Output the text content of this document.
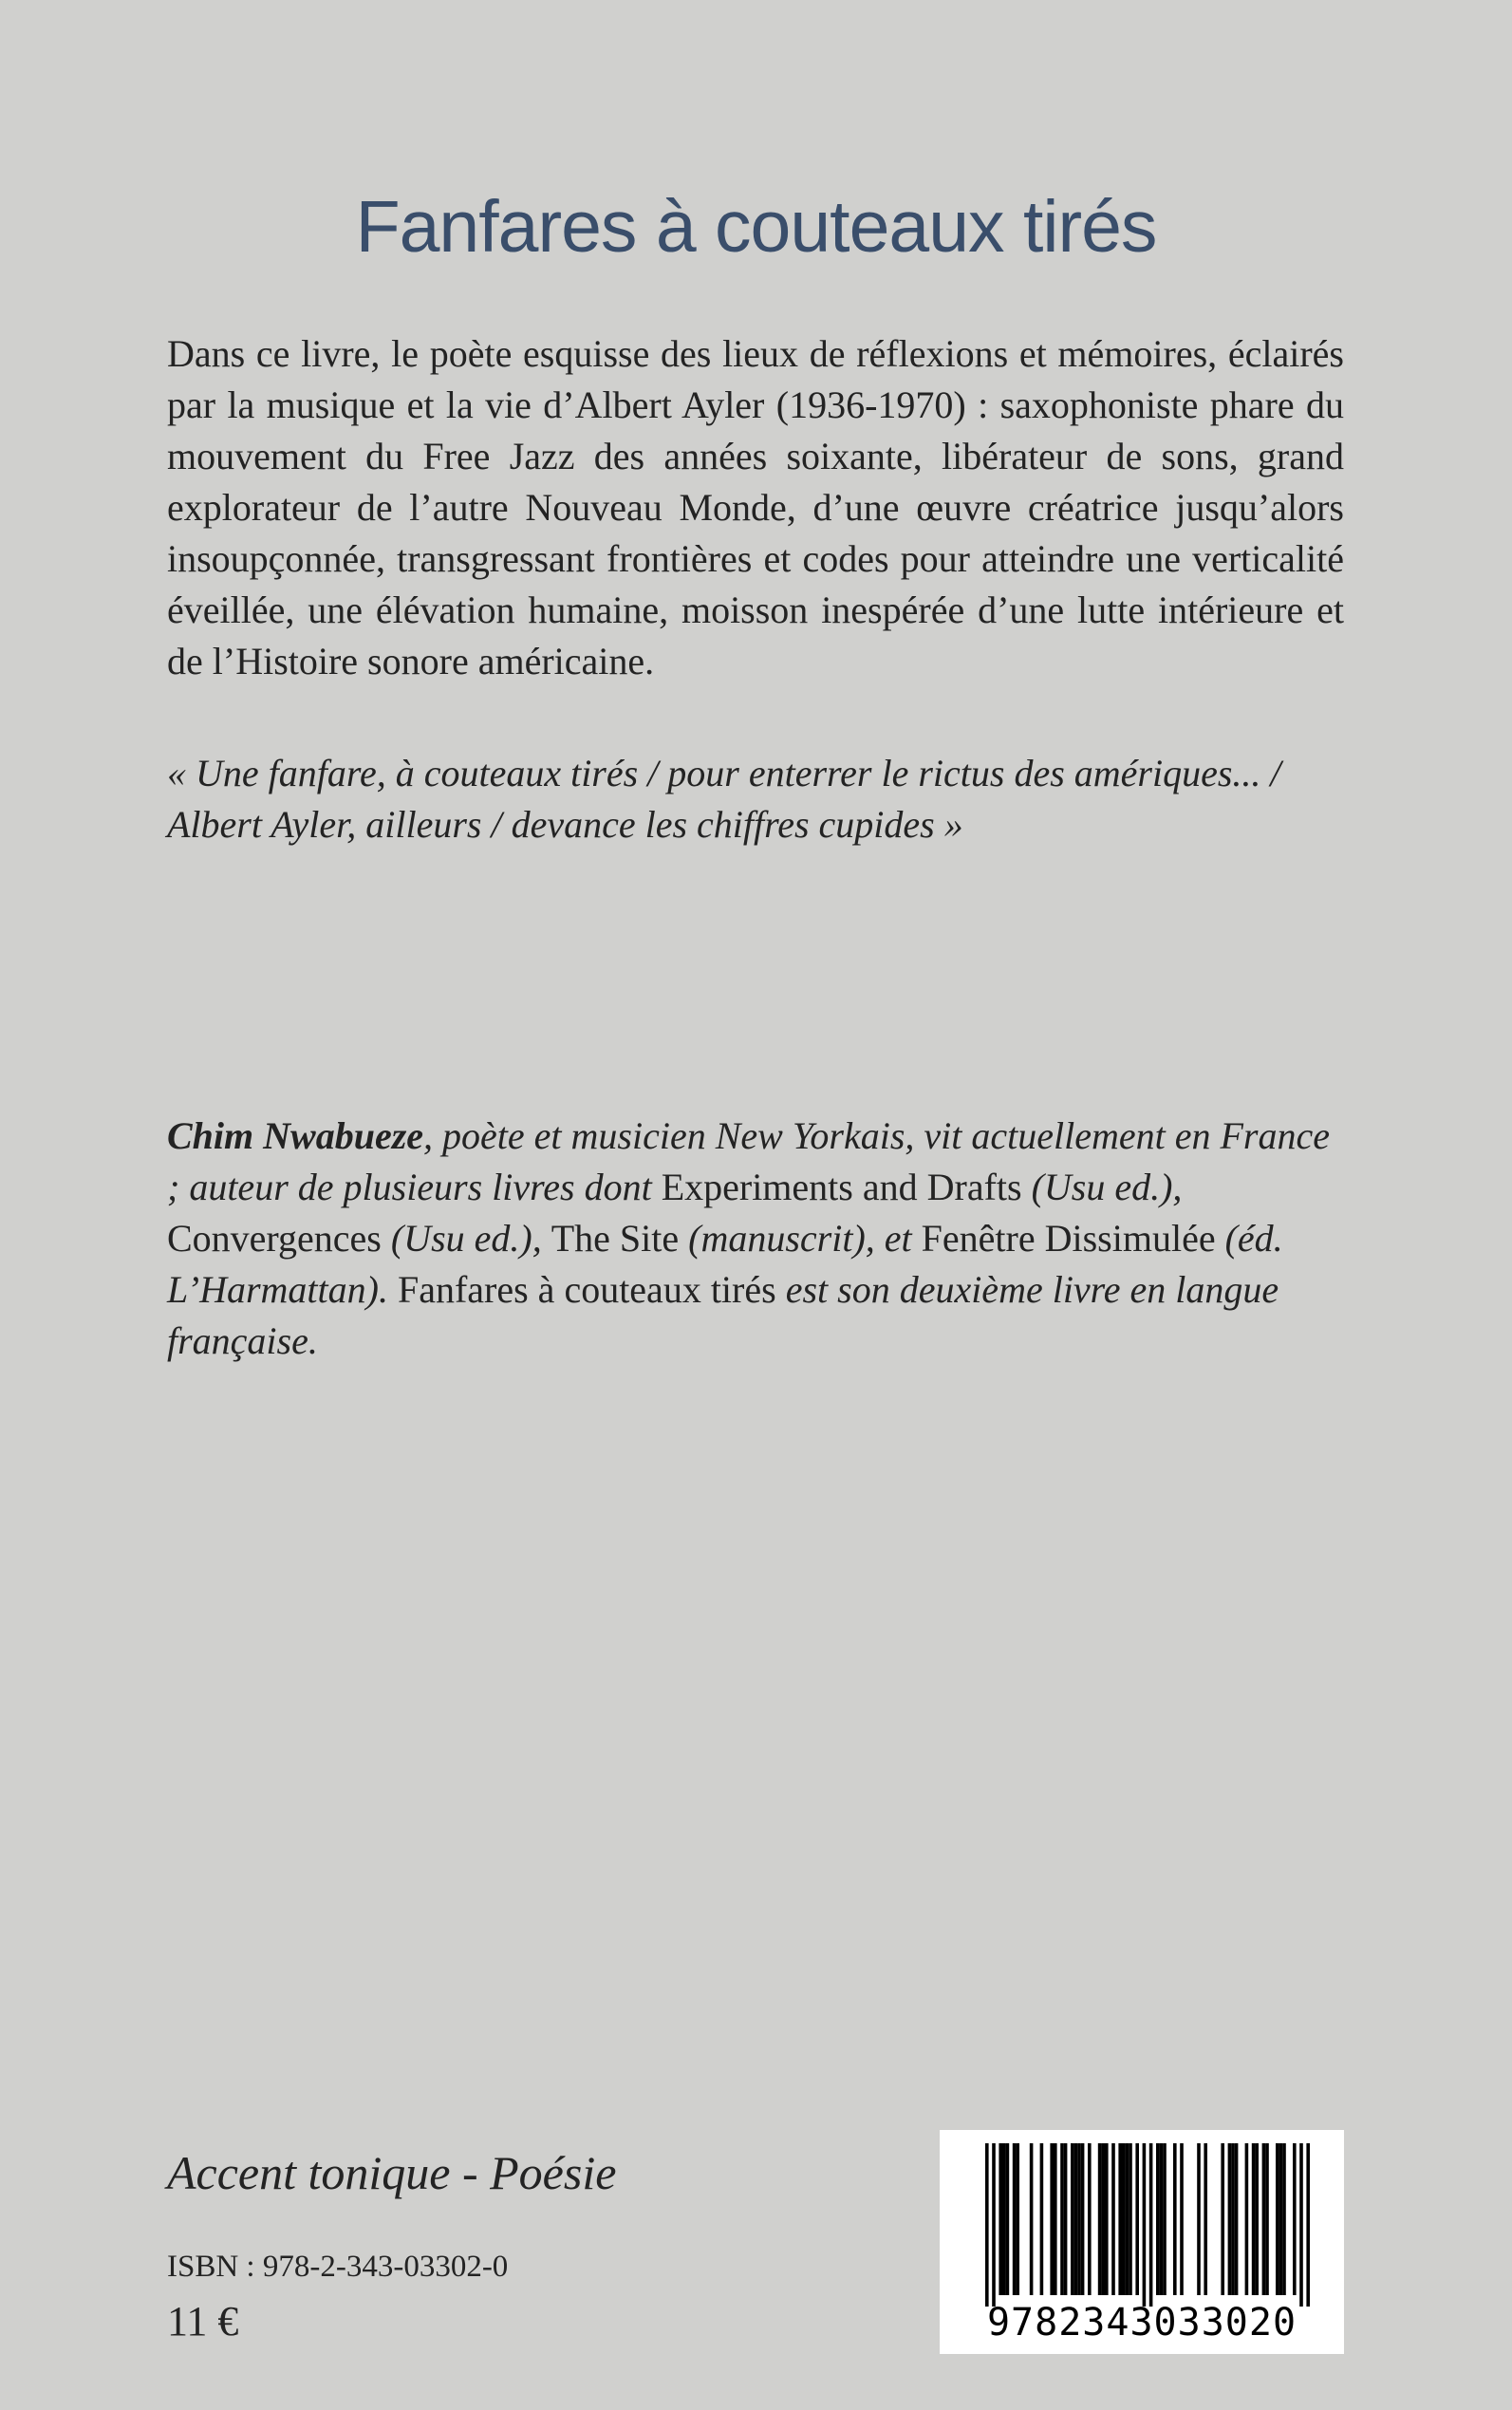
Fanfares à couteaux tirés

Dans ce livre, le poète esquisse des lieux de réflexions et mémoires, éclairés par la musique et la vie d’Albert Ayler (1936-1970) : saxophoniste phare du mouvement du Free Jazz des années soixante, libérateur de sons, grand explorateur de l’autre Nouveau Monde, d’une œuvre créatrice jusqu’alors insoupçonnée, transgressant frontières et codes pour atteindre une verticalité éveillée, une élévation humaine, moisson inespérée d’une lutte intérieure et de l’Histoire sonore américaine.

« Une fanfare, à couteaux tirés / pour enterrer le rictus des amériques... / Albert Ayler, ailleurs / devance les chiffres cupides »

Chim Nwabueze, poète et musicien New Yorkais, vit actuellement en France ; auteur de plusieurs livres dont Experiments and Drafts (Usu ed.), Convergences (Usu ed.), The Site (manuscrit), et Fenêtre Dissimulée (éd. L’Harmattan). Fanfares à couteaux tirés est son deuxième livre en langue française.

Accent tonique - Poésie

ISBN : 978-2-343-03302-0

11 €	9782343033020
